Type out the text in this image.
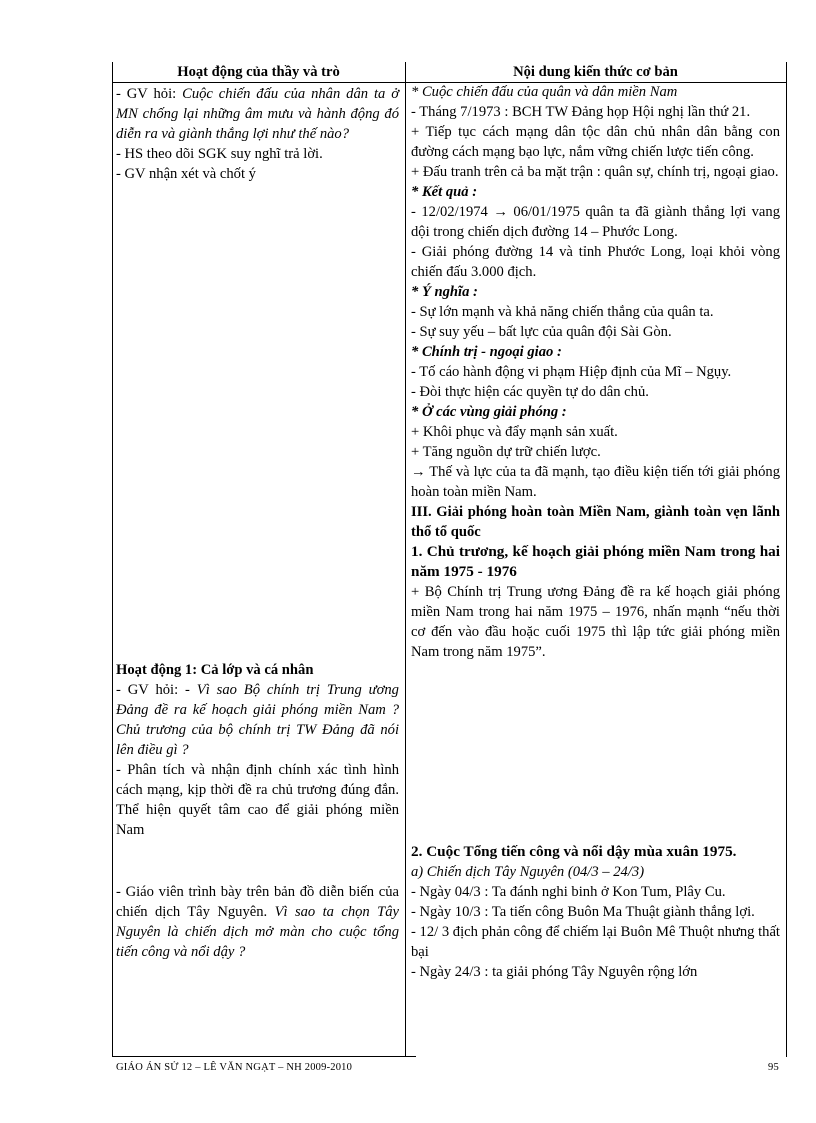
Hoạt động của thầy và trò	Nội dung kiến thức cơ bản

- GV hỏi: Cuộc chiến đấu của nhân dân ta ở MN chống lại những âm mưu và hành động đó diễn ra và giành thắng lợi như thế nào?

- HS theo dõi SGK suy nghĩ trả lời.

- GV nhận xét và chốt ý

Hoạt động 1: Cả lớp và cá nhân

- GV hỏi: - Vì sao Bộ chính trị Trung ương Đảng đề ra kế hoạch giải phóng miền Nam ? Chủ trương của bộ chính trị TW Đảng đã nói lên điều gì ?

- Phân tích và nhận định chính xác tình hình cách mạng, kịp thời đề ra chủ trương đúng đắn. Thể hiện quyết tâm cao để giải phóng miền Nam

- Giáo viên trình bày trên bản đồ diễn biến của chiến dịch Tây Nguyên. Vì sao ta chọn Tây Nguyên là chiến dịch mở màn cho cuộc tổng tiến công và nổi dậy ?

* Cuộc chiến đấu của quân và dân miền Nam

- Tháng 7/1973 : BCH TW Đảng họp Hội nghị lần thứ 21.

+ Tiếp tục cách mạng dân tộc dân chủ nhân dân bằng con đường cách mạng bạo lực, nắm vững chiến lược tiến công.

+ Đấu tranh trên cả ba mặt trận : quân sự, chính trị, ngoại giao.

* Kết quả :

- 12/02/1974 → 06/01/1975 quân ta đã giành thắng lợi vang dội trong chiến dịch đường 14 – Phước Long.

- Giải phóng đường 14 và tỉnh Phước Long, loại khỏi vòng chiến đấu 3.000 địch.

* Ý nghĩa :

- Sự lớn mạnh và khả năng chiến thắng của quân ta.

- Sự suy yếu – bất lực của quân đội Sài Gòn.

* Chính trị - ngoại giao :

- Tố cáo hành động vi phạm Hiệp định của Mĩ – Ngụy.

- Đòi thực hiện các quyền tự do dân chủ.

* Ở các vùng giải phóng :

+ Khôi phục và đẩy mạnh sản xuất.

+ Tăng nguồn dự trữ chiến lược.

→ Thế và lực của ta đã mạnh, tạo điều kiện tiến tới giải phóng hoàn toàn miền Nam.

III. Giải phóng hoàn toàn Miền Nam, giành toàn vẹn lãnh thổ tổ quốc

1. Chủ trương, kế hoạch giải phóng miền Nam trong hai năm 1975 - 1976

+ Bộ Chính trị Trung ương Đảng đề ra kế hoạch giải phóng miền Nam trong hai năm 1975 – 1976, nhấn mạnh “nếu thời cơ đến vào đầu hoặc cuối 1975 thì lập tức giải phóng miền Nam trong năm 1975”.

2. Cuộc Tổng tiến công và nổi dậy mùa xuân 1975.

a) Chiến dịch Tây Nguyên (04/3 – 24/3)

- Ngày 04/3 : Ta đánh nghi binh ở Kon Tum, Plây Cu.

- Ngày 10/3 : Ta tiến công Buôn Ma Thuật giành thắng lợi.

- 12/ 3 địch phản công để chiếm lại Buôn Mê Thuột nhưng thất bại

- Ngày 24/3 : ta giải phóng Tây Nguyên rộng lớn

GIÁO ÁN SỬ 12 – LÊ VĂN NGẠT – NH 2009-2010	95
